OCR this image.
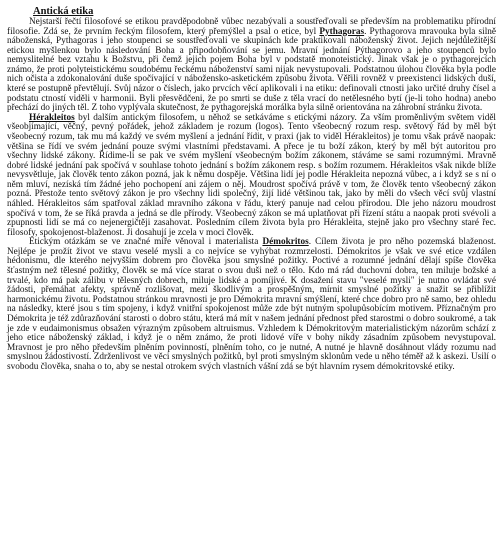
Antická etika

Nejstarší řečtí filosofové se etikou pravděpodobně vůbec nezabývali a soustřeďovali se především na problematiku přírodní filosofie. Zdá se, že prvním řeckým filosofem, který přemýšlel a psal o etice, byl Pythagoras. Pythagorova mravouka byla silně náboženská, Pythagoras i jeho stoupenci se soustřeďovali ve skupinách kde praktikovali náboženský život. Jejich nejdůležitější etickou myšlenkou bylo následování Boha a připodobňování se jemu. Mravní jednání Pýthagorovo a jeho stoupenců bylo nemyslitelné bez vztahu k Božstvu, při čemž jejich pojem Boha byl v podstatě monoteistický. Jinak však je o pythagorejcích známo, že proti polyteistickému soudobému řeckému náboženství sami nijak nevystupovali. Podstatnou úlohou člověka byla podle nich očista a zdokonalování duše spočívající v nábožensko-asketickém způsobu života. Věřili rovněž v preexistenci lidských duší, které se postupně převtělují. Svůj názor o číslech, jako prvcích věcí aplikovali i na etiku: definovali ctnosti jako určité druhy čísel a podstatu ctností viděli v harmonii. Byli přesvědčeni, že po smrti se duše z těla vrací do netělesného bytí (je-li toho hodna) anebo přechází do jiných těl. Z toho vyplývala skutečnost, že pythagorejská morálka byla silně orientována na záhrobní stránku života.

Hérakleitos byl dalším antickým filosofem, u něhož se setkáváme s etickými názory. Za vším proměnlivým světem viděl všeobjímající, věčný, pevný pořádek, jehož základem je rozum (logos). Tento všeobecný rozum resp. světový řád by měl být všeobecný rozum, tak mu má každý ve svém myšlení a jednání řídit, v praxi (jak to viděl Hérakleitos) je tomu však právě naopak: většina se řídí ve svém jednání pouze svými vlastními představami. A přece je tu boží zákon, který by měl být autoritou pro všechny lidské zákony. Řídime-li se pak ve svém myšlení všeobecným božím zákonem, stáváme se sami rozumnými. Mravně dobré lidské jednání pak spočívá v souhlase tohoto jednání s božím zákonem resp. s božím rozumem. Hérakleitos však nikde blíže nevysvětluje, jak člověk tento zákon pozná, jak k němu dospěje. Většina lidí jej podle Hérakleita nepozná vůbec, a i když se s ní o něm mluví, nezíská tím žádné jeho pochopení ani zájem o něj. Moudrost spočívá právě v tom, že člověk tento všeobecný zákon pozná. Přestože tento světový zákon je pro všechny lidi společný, žijí lidé většinou tak, jako by měli do všech věcí svůj vlastní náhled. Hérakleitos sám spatřoval základ mravního zákona v řádu, který panuje nad celou přírodou. Dle jeho názoru moudrost spočívá v tom, že se říká pravda a jedná se dle přírody. Všeobecný zákon se má uplatňovat při řízení státu a naopak proti svévoli a zpupnosti lidí se má co nejenergičtěji zasahovat. Posledním cílem života byla pro Hérakleita, stejně jako pro všechny staré řec. filosofy, spokojenost-blaženost. Ji dosahují je zcela v moci člověk.

Etickým otázkám se ve značné míře věnoval i materialista Démokritos. Cílem života je pro něho pozemská blaženost. Nejlépe je prožít život ve stavu veselé mysli a co nejvíce se vyhýbat rozmrzelosti. Démokritos je však ve své etice vzdálen hédonismu, dle kterého nejvyšším dobrem pro člověka jsou smyslné požitky. Poctivé a rozumné jednání dělají spíše člověka šťastným než tělesné požitky, člověk se má více starat o svou duši než o tělo. Kdo má rád duchovní dobra, ten miluje božské a trvalé, kdo má pak zálibu v tělesných dobrech, miluje lidské a pomíjivé. K dosažení stavu "veselé mysli" je nutno ovládat své žádosti, přemáhat afekty, správně rozlišovat, mezi škodlivým a prospěšným, mírnit smyslné požitky a snažit se přiblížit harmonickému životu. Podstatnou stránkou mravnosti je pro Démokrita mravní smýšlení, které chce dobro pro ně samo, bez ohledu na následky, které jsou s tím spojeny, i když vnitřní spokojenost může zde být nutným spolupůsobícím motivem. Příznačným pro Démokrita je též zdůrazňování starosti o dobro státu, která má mít v našem jednání přednost před starostmi o dobro soukromé, a tak je zde v eudaimonismus obsažen výrazným způsobem altruismus. Vzhledem k Démokritovým materialistickým názorům schází z jeho etice náboženský základ, i když je o něm známo, že proti lidové víře v bohy nikdy zásadním způsobem nevystupoval. Mravnost je pro něho především plněním povinností, plněním toho, co je nutné, A nutné je hlavně dosáhnout vlády rozumu nad smyslnou žádostivostí. Zdrženlivost ve věci smyslných požitků, byl proti smyslným sklonům vede u něho téměř až k askezi. Usilí o svobodu člověka, snaha o to, aby se nestal otrokem svých vlastních vášní zdá se být hlavním rysem démokritovské etiky.
